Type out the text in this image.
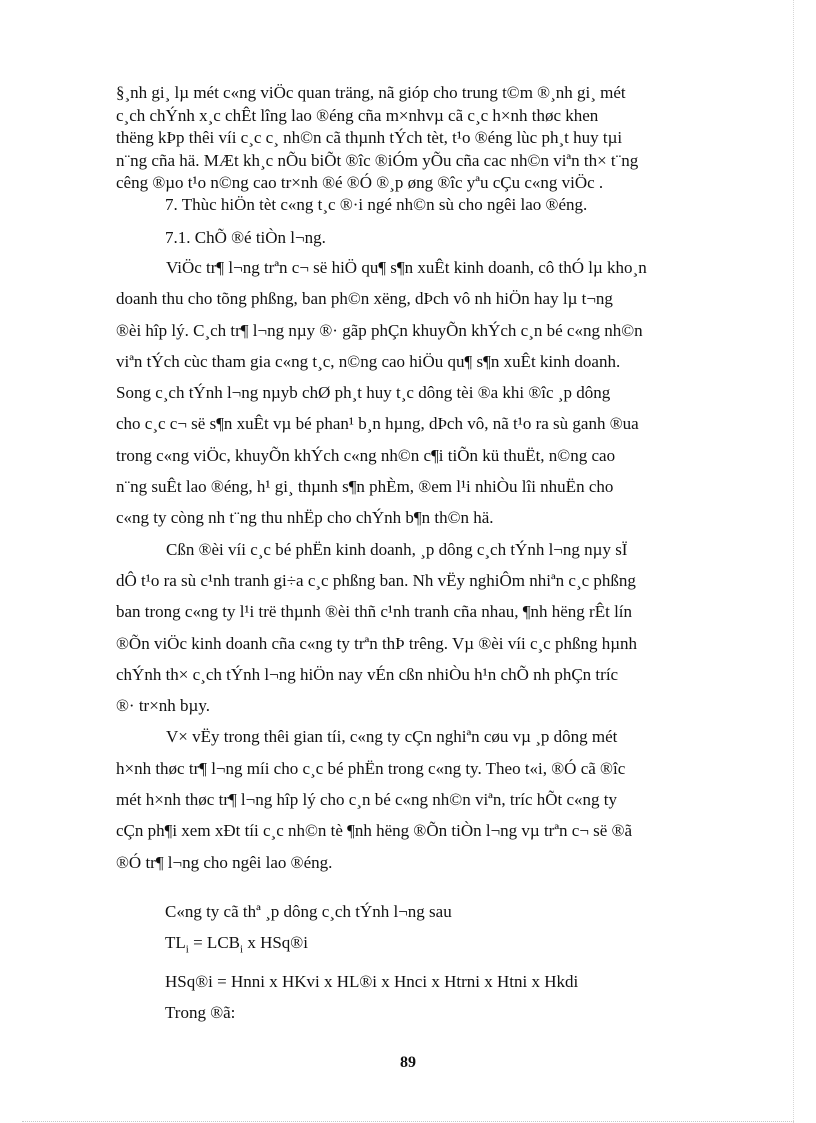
§¸nh gi¸ lµ mét c«ng viÖc quan träng, nã gióp cho trung t©m ®¸nh gi¸ mét
c¸ch chÝnh x¸c chÊt lîng lao ®éng cña m×nhvµ cã c¸c h×nh thøc khen
thëng kÞp thêi víi c¸c c¸ nh©n cã thµnh tÝch tèt, t¹o ®éng lùc ph¸t huy tµi
n¨ng cña hä. MÆt kh¸c nÕu biÕt ®îc ®iÓm yÕu cña cac nh©n viªn th× t¨ng
cêng ®µo t¹o n©ng cao tr×nh ®é ®Ó ®¸p øng ®îc yªu cÇu c«ng viÖc .
7. Thùc hiÖn tèt c«ng t¸c ®·i ngé nh©n sù cho ngêi lao ®éng.
7.1. ChÕ ®é tiÒn l¬ng.

ViÖc tr¶ l¬ng trªn c¬ së hiÖ qu¶ s¶n xuÊt kinh doanh, cô thÓ lµ kho¸n
doanh thu cho tõng phßng, ban ph©n xëng, dÞch vô nh hiÖn hay lµ t¬ng
®èi hîp lý. C¸ch tr¶ l¬ng nµy ®· gãp phÇn khuyÕn khÝch c¸n bé c«ng nh©n
viªn tÝch cùc tham gia c«ng t¸c, n©ng cao hiÖu qu¶ s¶n xuÊt kinh doanh.
Song c¸ch tÝnh l¬ng nµyb chØ ph¸t huy t¸c dông tèi ®a khi ®îc ¸p dông
cho c¸c c¬ së s¶n xuÊt vµ bé phan¹ b¸n hµng, dÞch vô, nã t¹o ra sù ganh ®ua
trong c«ng viÖc, khuyÕn khÝch c«ng nh©n c¶i tiÕn kü thuËt, n©ng cao
n¨ng suÊt lao ®éng, h¹ gi¸ thµnh s¶n phÈm, ®em l¹i nhiÒu lîi nhuËn cho
c«ng ty còng nh t¨ng thu nhËp cho chÝnh b¶n th©n hä.

Cßn ®èi víi c¸c bé phËn kinh doanh, ¸p dông c¸ch tÝnh l¬ng nµy sÏ
dÔ t¹o ra sù c¹nh tranh gi÷a c¸c phßng ban. Nh vËy nghiÔm nhiªn c¸c phßng
ban trong c«ng ty l¹i trë thµnh ®èi thñ c¹nh tranh cña nhau, ¶nh hëng rÊt lín
®Õn viÖc kinh doanh cña c«ng ty trªn thÞ trêng. Vµ ®èi víi c¸c phßng hµnh
chÝnh th× c¸ch tÝnh l¬ng hiÖn nay vÉn cßn nhiÒu h¹n chÕ nh phÇn tríc
®· tr×nh bµy.

V× vËy trong thêi gian tíi, c«ng ty cÇn nghiªn cøu vµ ¸p dông mét
h×nh thøc tr¶ l¬ng míi cho c¸c bé phËn trong c«ng ty. Theo t«i, ®Ó cã ®îc
mét h×nh thøc tr¶ l¬ng hîp lý cho c¸n bé c«ng nh©n viªn, tríc hÕt c«ng ty
cÇn ph¶i xem xÐt tíi c¸c nh©n tè ¶nh hëng ®Õn tiÒn l¬ng vµ trªn c¬ së ®ã
®Ó tr¶ l¬ng cho ngêi lao ®éng.

C«ng ty cã thª ¸p dông c¸ch tÝnh l¬ng sau
$TL_i = LCB_i$ x HSq®i
HSq®i = Hnni x HKvi x HL®i x Hnci x Htrni x Htni x Hkdi
Trong ®ã:
89
